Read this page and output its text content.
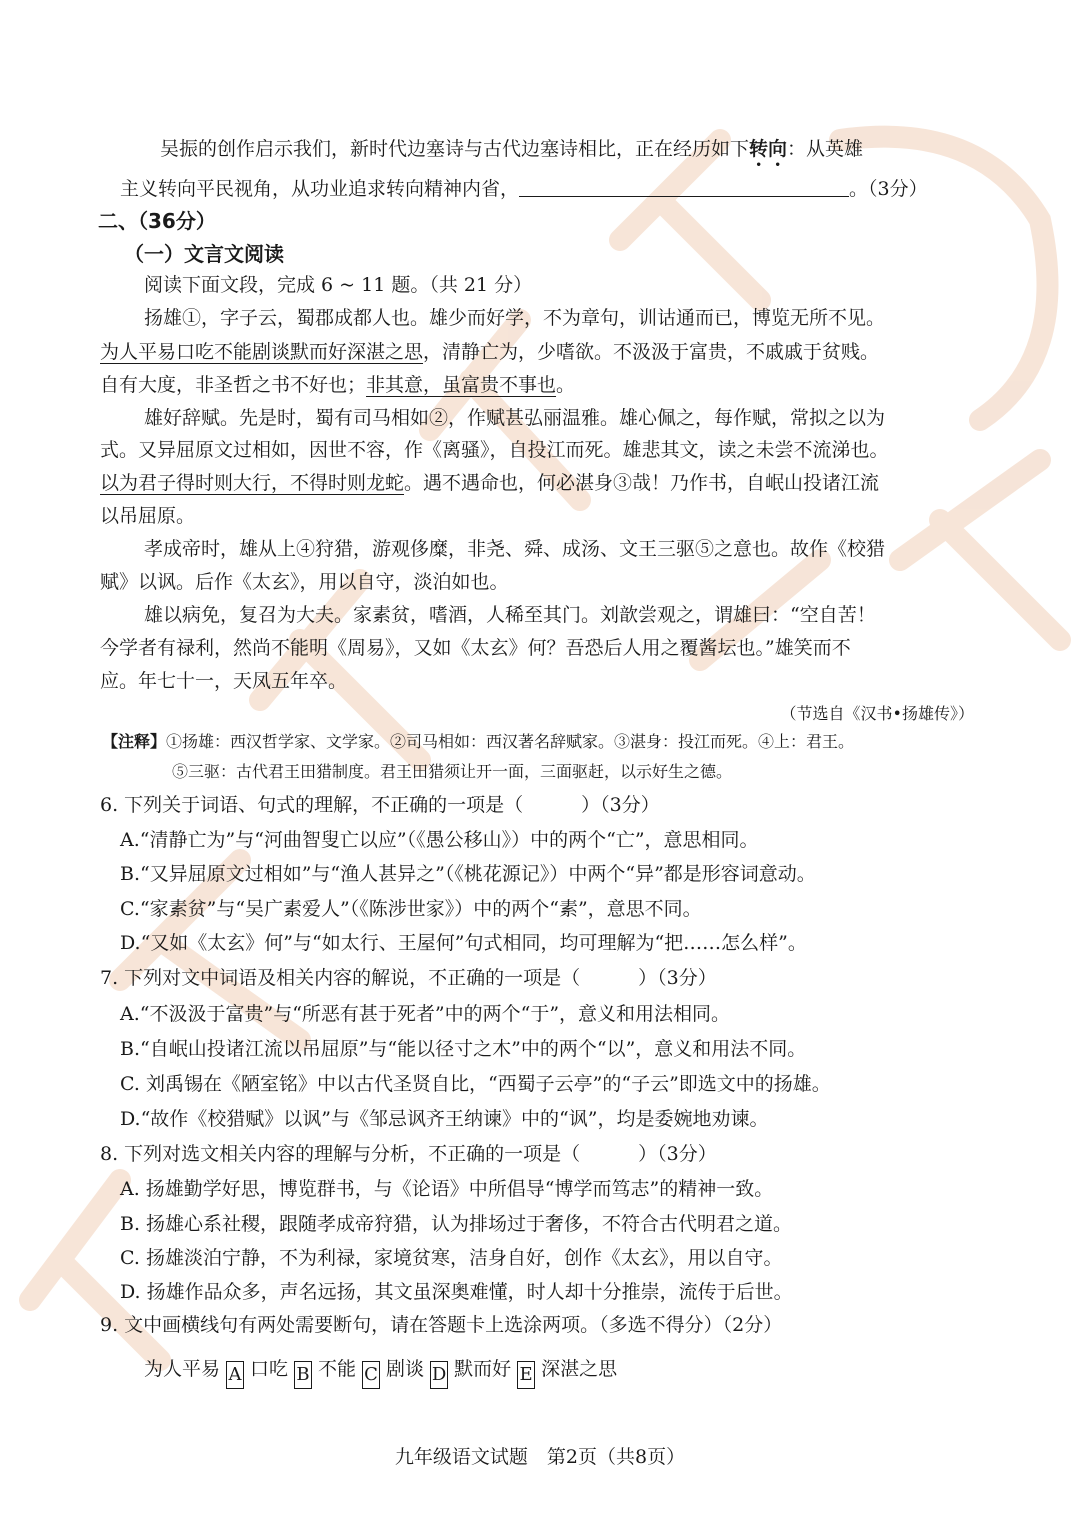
吴振的创作启示我们，新时代边塞诗与古代边塞诗相比，正在经历如下转向：从英雄
主义转向平民视角，从功业追求转向精神内省，	。（3分）
二、（36分）
（一）文言文阅读
阅读下面文段，完成 6 ~ 11 题。（共 21 分）
扬雄①，字子云，蜀郡成都人也。雄少而好学，不为章句，训诂通而已，博览无所不见。
为人平易口吃不能剧谈默而好深湛之思，清静亡为，少嗜欲。不汲汲于富贵，不戚戚于贫贱。
自有大度，非圣哲之书不好也；非其意，虽富贵不事也。
雄好辞赋。先是时，蜀有司马相如②，作赋甚弘丽温雅。雄心佩之，每作赋，常拟之以为
式。又异屈原文过相如，因世不容，作《离骚》，自投江而死。雄悲其文，读之未尝不流涕也。
以为君子得时则大行，不得时则龙蛇。遇不遇命也，何必湛身③哉！乃作书，自岷山投诸江流
以吊屈原。
孝成帝时，雄从上④狩猎，游观侈糜，非尧、舜、成汤、文王三驱⑤之意也。故作《校猎
赋》以讽。后作《太玄》，用以自守，淡泊如也。
雄以病免，复召为大夫。家素贫，嗜酒，人稀至其门。刘歆尝观之，谓雄曰：“空自苦！
今学者有禄利，然尚不能明《周易》，又如《太玄》何？吾恐后人用之覆酱坛也。”雄笑而不
应。年七十一，天凤五年卒。
（节选自《汉书•扬雄传》）
【注释】①扬雄：西汉哲学家、文学家。②司马相如：西汉著名辞赋家。③湛身：投江而死。④上：君王。
⑤三驱：古代君王田猎制度。君王田猎须让开一面，三面驱赶，以示好生之德。
6. 下列关于词语、句式的理解，不正确的一项是（	）（3分）
A.“清静亡为”与“河曲智叟亡以应”（《愚公移山》）中的两个“亡”，意思相同。
B.“又异屈原文过相如”与“渔人甚异之”（《桃花源记》）中两个“异”都是形容词意动。
C.“家素贫”与“吴广素爱人”（《陈涉世家》）中的两个“素”，意思不同。
D.“又如《太玄》何”与“如太行、王屋何”句式相同，均可理解为“把……怎么样”。
7. 下列对文中词语及相关内容的解说，不正确的一项是（	）（3分）
A.“不汲汲于富贵”与“所恶有甚于死者”中的两个“于”，意义和用法相同。
B.“自岷山投诸江流以吊屈原”与“能以径寸之木”中的两个“以”，意义和用法不同。
C. 刘禹锡在《陋室铭》中以古代圣贤自比，“西蜀子云亭”的“子云”即选文中的扬雄。
D.“故作《校猎赋》以讽”与《邹忌讽齐王纳谏》中的“讽”，均是委婉地劝谏。
8. 下列对选文相关内容的理解与分析，不正确的一项是（	）（3分）
A. 扬雄勤学好思，博览群书，与《论语》中所倡导“博学而笃志”的精神一致。
B. 扬雄心系社稷，跟随孝成帝狩猎，认为排场过于奢侈，不符合古代明君之道。
C. 扬雄淡泊宁静，不为利禄，家境贫寒，洁身自好，创作《太玄》，用以自守。
D. 扬雄作品众多，声名远扬，其文虽深奥难懂，时人却十分推崇，流传于后世。
9. 文中画横线句有两处需要断句，请在答题卡上选涂两项。（多选不得分）（2分）
为人平易 A 口吃 B 不能 C 剧谈 D 默而好 E 深湛之思
九年级语文试题　第2页（共8页）
